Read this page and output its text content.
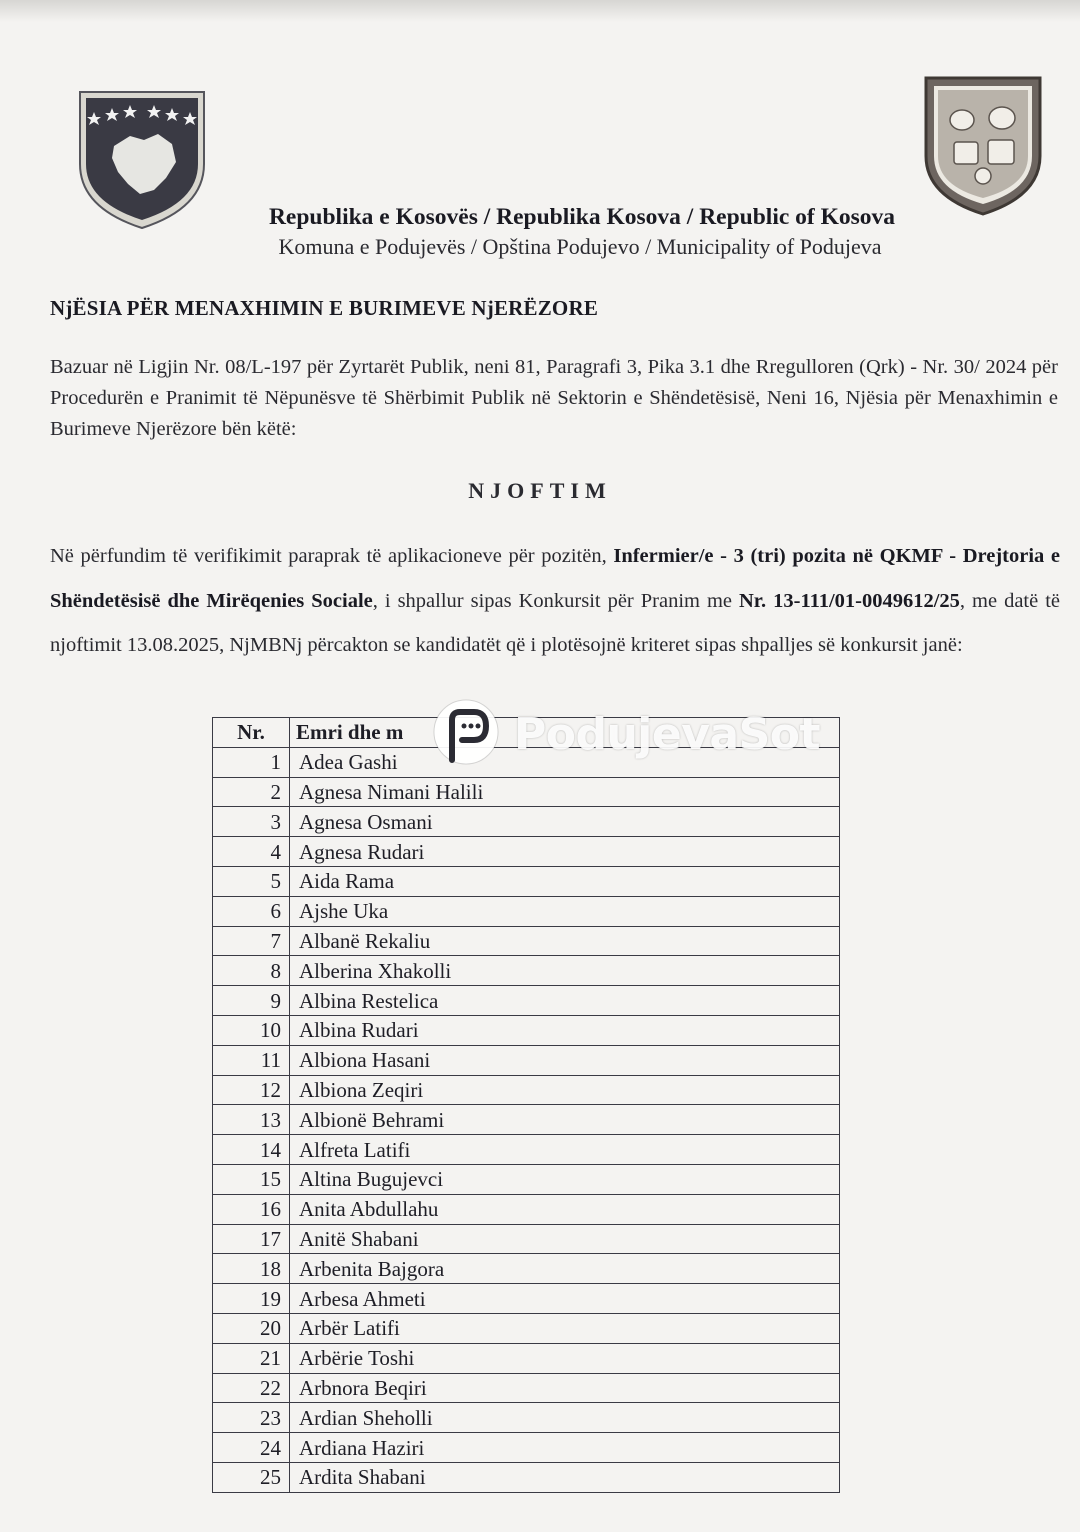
Republika e Kosovës / Republika Kosova / Republic of Kosova
Komuna e Podujevës / Opština Podujevo / Municipality of Podujeva
NjËSIA PËR MENAXHIMIN E BURIMEVE NjERËZORE
Bazuar në Ligjin Nr. 08/L-197 për Zyrtarët Publik, neni 81, Paragrafi 3, Pika 3.1 dhe Rregulloren (Qrk) - Nr. 30/ 2024 për Procedurën e Pranimit të Nëpunësve të Shërbimit Publik në Sektorin e Shëndetësisë, Neni 16, Njësia për Menaxhimin e Burimeve Njerëzore bën këtë:
NJOFTIM
Në përfundim të verifikimit paraprak të aplikacioneve për pozitën, Infermier/e - 3 (tri) pozita në QKMF - Drejtoria e Shëndetësisë dhe Mirëqenies Sociale, i shpallur sipas Konkursit për Pranim me Nr. 13-111/01-0049612/25, me datë të njoftimit 13.08.2025, NjMBNj përcakton se kandidatët që i plotësojnë kriteret sipas shpalljes së konkursit janë:
Nr.	Emri dhe m
1	Adea Gashi
2	Agnesa Nimani Halili
3	Agnesa Osmani
4	Agnesa Rudari
5	Aida Rama
6	Ajshe Uka
7	Albanë Rekaliu
8	Alberina Xhakolli
9	Albina Restelica
10	Albina Rudari
11	Albiona Hasani
12	Albiona Zeqiri
13	Albionë Behrami
14	Alfreta Latifi
15	Altina Bugujevci
16	Anita Abdullahu
17	Anitë Shabani
18	Arbenita Bajgora
19	Arbesa Ahmeti
20	Arbër Latifi
21	Arbërie Toshi
22	Arbnora Beqiri
23	Ardian Sheholli
24	Ardiana Haziri
25	Ardita Shabani
PodujevaSot
